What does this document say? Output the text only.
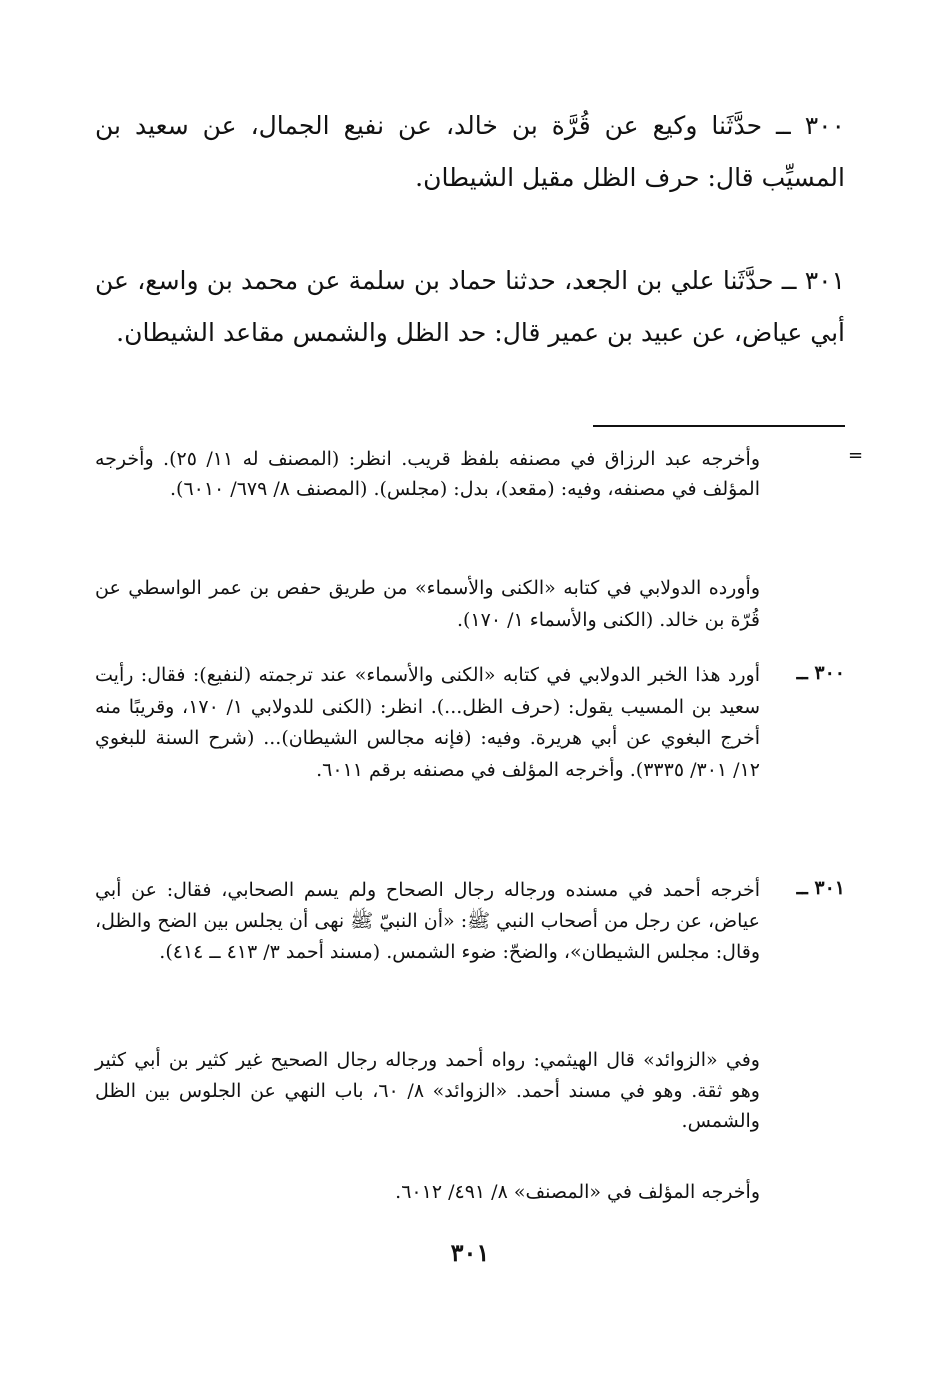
٣٠٠ ــ حدَّثَنا وكيع عن قُرَّة بن خالد، عن نفيع الجمال، عن سعيد بن المسيِّب قال: حرف الظل مقيل الشيطان.
٣٠١ ــ حدَّثَنا علي بن الجعد، حدثنا حماد بن سلمة عن محمد بن واسع، عن أبي عياض، عن عبيد بن عمير قال: حد الظل والشمس مقاعد الشيطان.
=
وأخرجه عبد الرزاق في مصنفه بلفظ قريب. انظر: (المصنف له ١١/ ٢٥). وأخرجه المؤلف في مصنفه، وفيه: (مقعد)، بدل: (مجلس). (المصنف ٨/ ٦٧٩/ ٦٠١٠).
وأورده الدولابي في كتابه «الكنى والأسماء» من طريق حفص بن عمر الواسطي عن قُرّة بن خالد. (الكنى والأسماء ١/ ١٧٠).
٣٠٠ ــ
أورد هذا الخبر الدولابي في كتابه «الكنى والأسماء» عند ترجمته (لنفيع): فقال: رأيت سعيد بن المسيب يقول: (حرف الظل...). انظر: (الكنى للدولابي ١/ ١٧٠، وقريبًا منه أخرج البغوي عن أبي هريرة. وفيه: (فإنه مجالس الشيطان)... (شرح السنة للبغوي ١٢/ ٣٠١/ ٣٣٣٥). وأخرجه المؤلف في مصنفه برقم ٦٠١١.
٣٠١ ــ
أخرجه أحمد في مسنده ورجاله رجال الصحاح ولم يسم الصحابي، فقال: عن أبي عياض، عن رجل من أصحاب النبي ﷺ: «أن النبيّ ﷺ نهى أن يجلس بين الضح والظل، وقال: مجلس الشيطان»، والضحّ: ضوء الشمس. (مسند أحمد ٣/ ٤١٣ ــ ٤١٤).
وفي «الزوائد» قال الهيثمي: رواه أحمد ورجاله رجال الصحيح غير كثير بن أبي كثير وهو ثقة. وهو في مسند أحمد. «الزوائد» ٨/ ٦٠، باب النهي عن الجلوس بين الظل والشمس.
وأخرجه المؤلف في «المصنف» ٨/ ٤٩١/ ٦٠١٢.
٣٠١
